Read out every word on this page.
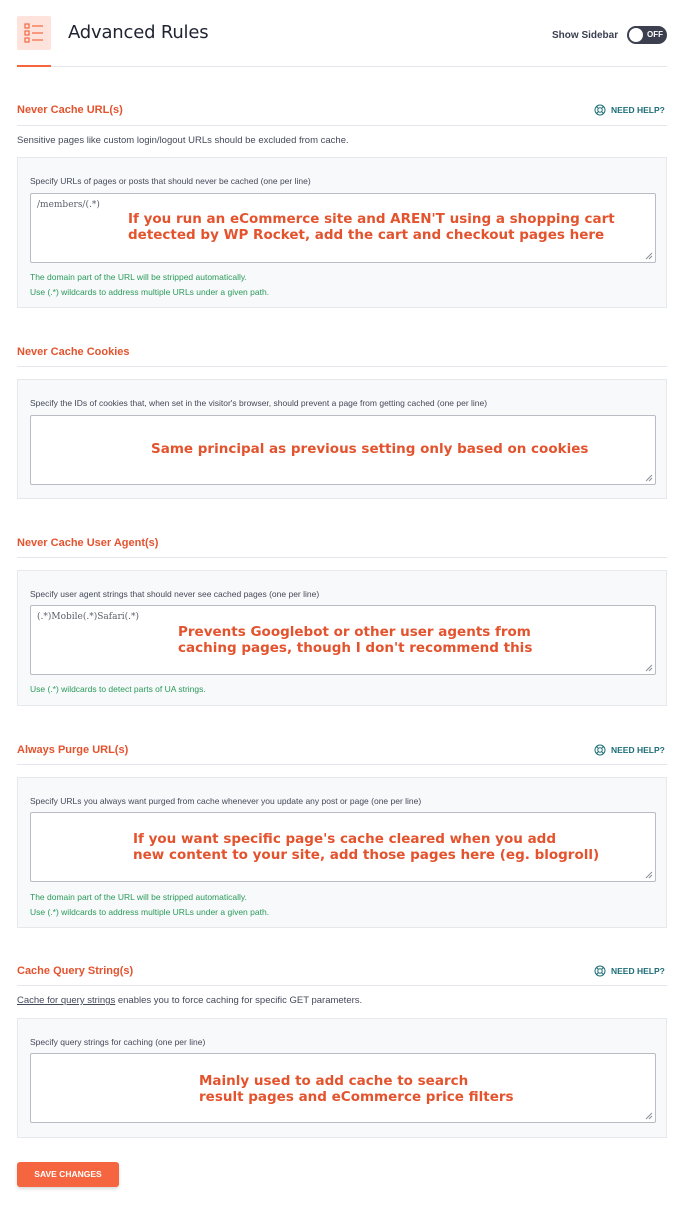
Advanced Rules	Show Sidebar	OFF
Never Cache URL(s)	NEED HELP?
Sensitive pages like custom login/logout URLs should be excluded from cache.
Specify URLs of pages or posts that should never be cached (one per line)
/members/(.*)
If you run an eCommerce site and AREN'T using a shopping cart
detected by WP Rocket, add the cart and checkout pages here
The domain part of the URL will be stripped automatically.
Use (.*) wildcards to address multiple URLs under a given path.
Never Cache Cookies
Specify the IDs of cookies that, when set in the visitor's browser, should prevent a page from getting cached (one per line)
Same principal as previous setting only based on cookies
Never Cache User Agent(s)
Specify user agent strings that should never see cached pages (one per line)
(.*)Mobile(.*)Safari(.*)
Prevents Googlebot or other user agents from
caching pages, though I don't recommend this
Use (.*) wildcards to detect parts of UA strings.
Always Purge URL(s)	NEED HELP?
Specify URLs you always want purged from cache whenever you update any post or page (one per line)
If you want specific page's cache cleared when you add
new content to your site, add those pages here (eg. blogroll)
The domain part of the URL will be stripped automatically.
Use (.*) wildcards to address multiple URLs under a given path.
Cache Query String(s)	NEED HELP?
Cache for query strings enables you to force caching for specific GET parameters.
Specify query strings for caching (one per line)
Mainly used to add cache to search
result pages and eCommerce price filters
SAVE CHANGES
